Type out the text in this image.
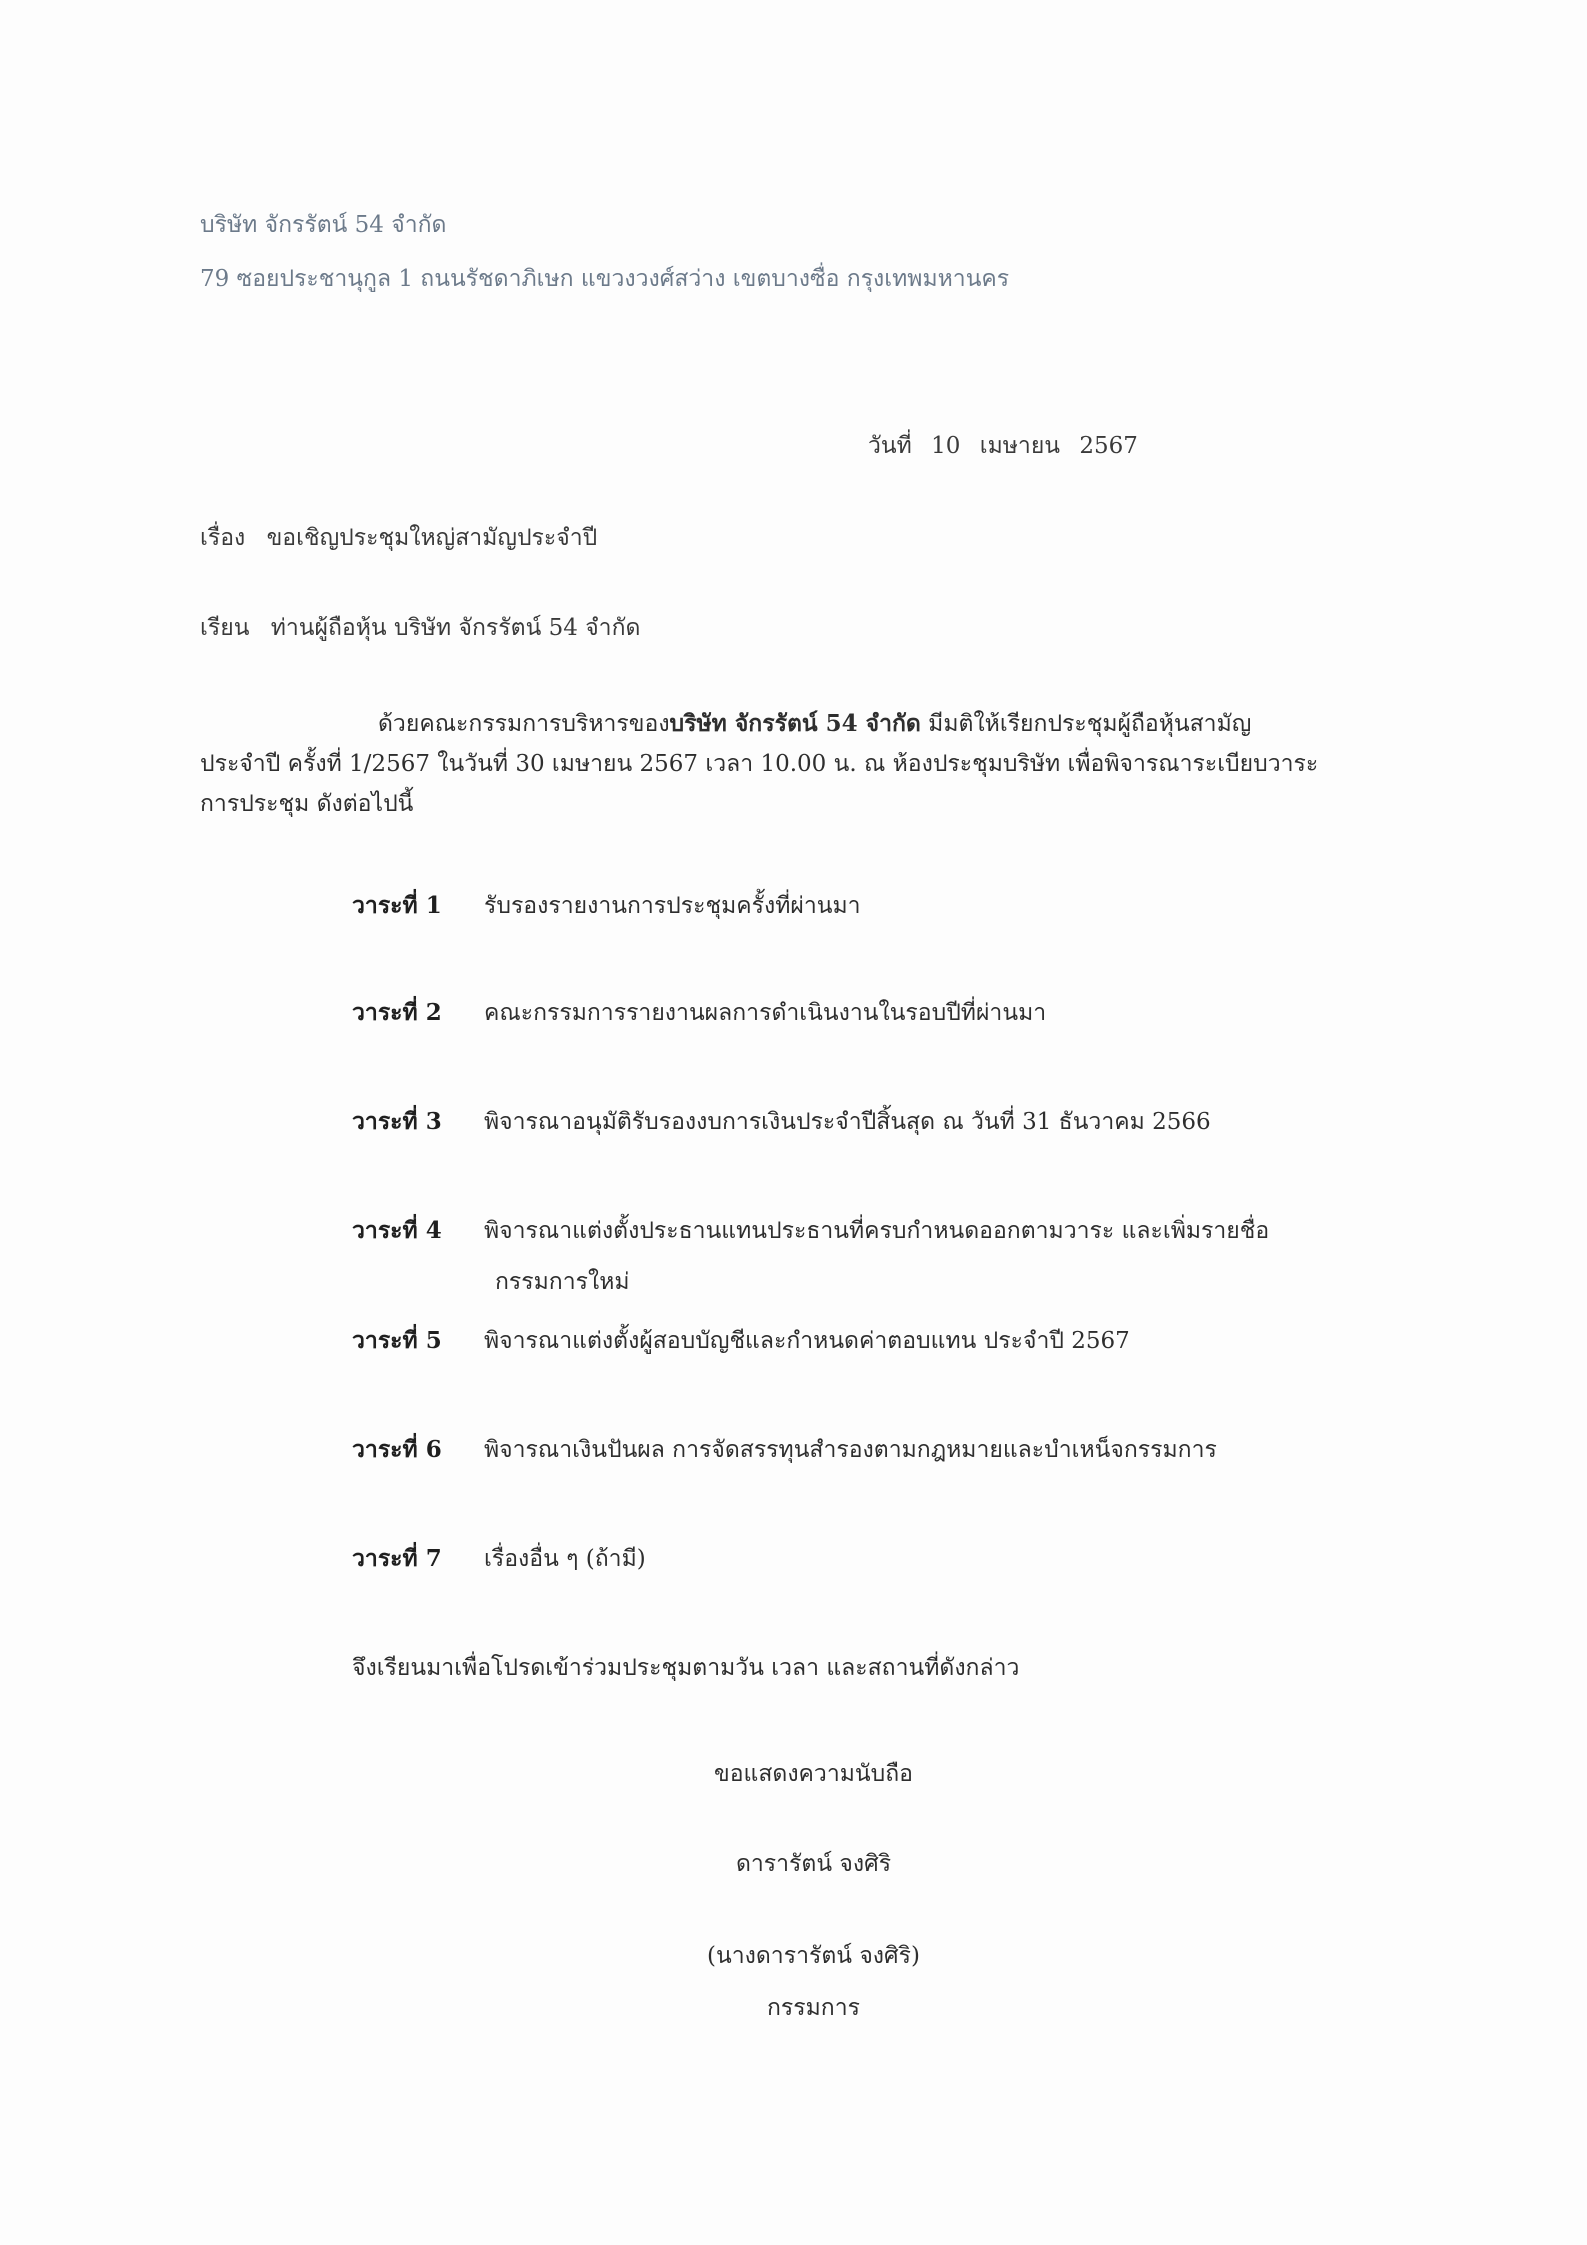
บริษัท จักรรัตน์ 54 จำกัด

79 ซอยประชานุกูล 1 ถนนรัชดาภิเษก แขวงวงศ์สว่าง เขตบางซื่อ กรุงเทพมหานคร

วันที่ 10 เมษายน 2567
เรื่อง ขอเชิญประชุมใหญ่สามัญประจำปี
เรียน ท่านผู้ถือหุ้น บริษัท จักรรัตน์ 54 จำกัด

ด้วยคณะกรรมการบริหารของบริษัท จักรรัตน์ 54 จำกัด มีมติให้เรียกประชุมผู้ถือหุ้นสามัญ

ประจำปี ครั้งที่ 1/2567 ในวันที่ 30 เมษายน 2567 เวลา 10.00 น. ณ ห้องประชุมบริษัท เพื่อพิจารณาระเบียบวาระ

การประชุม ดังต่อไปนี้

วาระที่ 1 รับรองรายงานการประชุมครั้งที่ผ่านมา
วาระที่ 2 คณะกรรมการรายงานผลการดำเนินงานในรอบปีที่ผ่านมา
วาระที่ 3 พิจารณาอนุมัติรับรองงบการเงินประจำปีสิ้นสุด ณ วันที่ 31 ธันวาคม 2566
วาระที่ 4 พิจารณาแต่งตั้งประธานแทนประธานที่ครบกำหนดออกตามวาระ และเพิ่มรายชื่อ
กรรมการใหม่
วาระที่ 5 พิจารณาแต่งตั้งผู้สอบบัญชีและกำหนดค่าตอบแทน ประจำปี 2567
วาระที่ 6 พิจารณาเงินปันผล การจัดสรรทุนสำรองตามกฎหมายและบำเหน็จกรรมการ
วาระที่ 7 เรื่องอื่น ๆ (ถ้ามี)
จึงเรียนมาเพื่อโปรดเข้าร่วมประชุมตามวัน เวลา และสถานที่ดังกล่าว
ขอแสดงความนับถือ
ดารารัตน์ จงศิริ
(นางดารารัตน์ จงศิริ)
กรรมการ
